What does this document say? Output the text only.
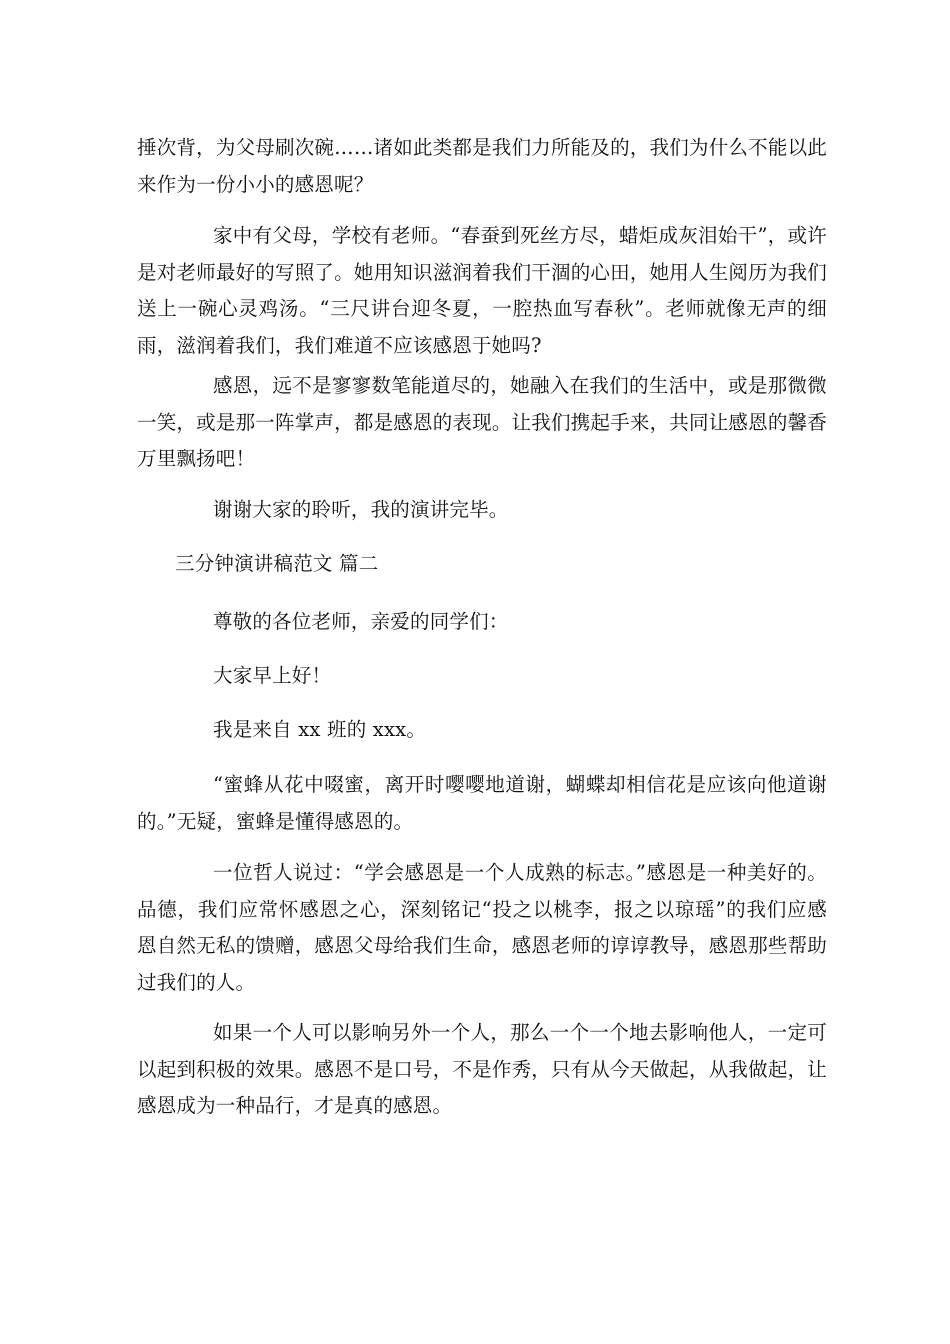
捶次背，为父母刷次碗……诸如此类都是我们力所能及的，我们为什么不能以此来作为一份小小的感恩呢？

家中有父母，学校有老师。“春蚕到死丝方尽，蜡炬成灰泪始干”，或许是对老师最好的写照了。她用知识滋润着我们干涸的心田，她用人生阅历为我们送上一碗心灵鸡汤。“三尺讲台迎冬夏，一腔热血写春秋”。老师就像无声的细雨，滋润着我们，我们难道不应该感恩于她吗?

感恩，远不是寥寥数笔能道尽的，她融入在我们的生活中，或是那微微一笑，或是那一阵掌声，都是感恩的表现。让我们携起手来，共同让感恩的馨香万里飘扬吧！

谢谢大家的聆听，我的演讲完毕。

三分钟演讲稿范文 篇二

尊敬的各位老师，亲爱的同学们：

大家早上好！

我是来自 xx 班的 xxx。

“蜜蜂从花中啜蜜，离开时嘤嘤地道谢，蝴蝶却相信花是应该向他道谢的。”无疑，蜜蜂是懂得感恩的。

一位哲人说过：“学会感恩是一个人成熟的标志。”感恩是一种美好的。品德，我们应常怀感恩之心，深刻铭记“投之以桃李，报之以琼瑶”的我们应感恩自然无私的馈赠，感恩父母给我们生命，感恩老师的谆谆教导，感恩那些帮助过我们的人。

如果一个人可以影响另外一个人，那么一个一个地去影响他人，一定可以起到积极的效果。感恩不是口号，不是作秀，只有从今天做起，从我做起，让感恩成为一种品行，才是真的感恩。
